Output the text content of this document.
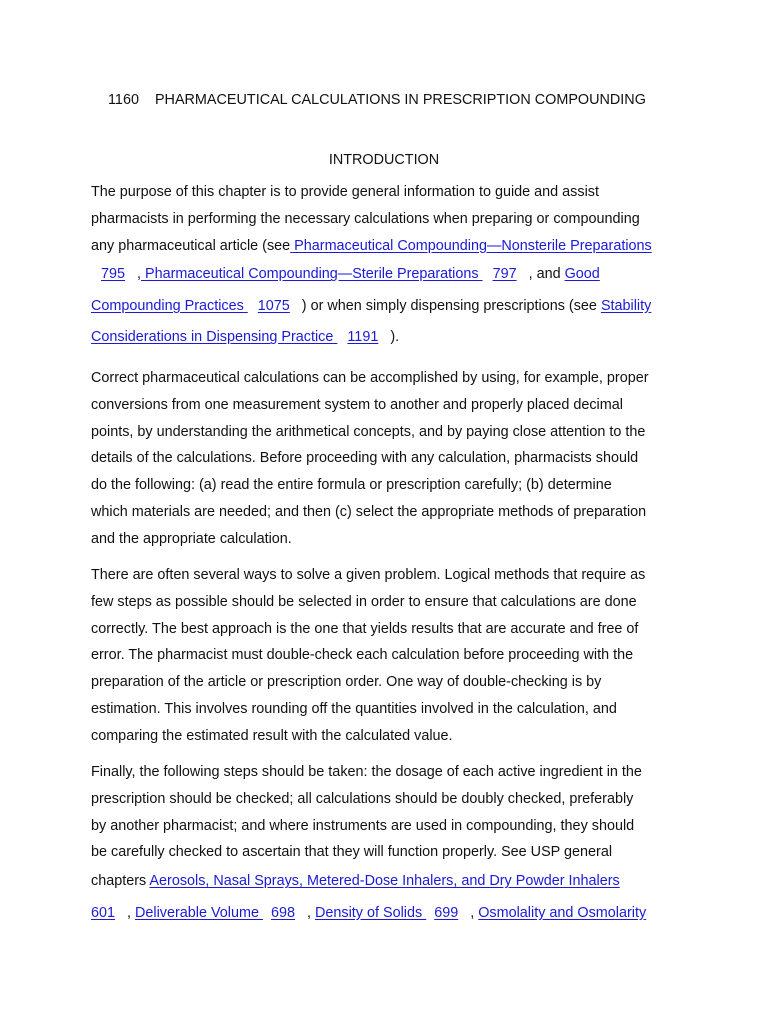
1160 PHARMACEUTICAL CALCULATIONS IN PRESCRIPTION COMPOUNDING
INTRODUCTION
The purpose of this chapter is to provide general information to guide and assist
pharmacists in performing the necessary calculations when preparing or compounding
any pharmaceutical article (see Pharmaceutical Compounding—Nonsterile Preparations
795 , Pharmaceutical Compounding—Sterile Preparations 797 , and Good
Compounding Practices 1075 ) or when simply dispensing prescriptions (see Stability
Considerations in Dispensing Practice 1191 ).
Correct pharmaceutical calculations can be accomplished by using, for example, proper
conversions from one measurement system to another and properly placed decimal
points, by understanding the arithmetical concepts, and by paying close attention to the
details of the calculations. Before proceeding with any calculation, pharmacists should
do the following: (a) read the entire formula or prescription carefully; (b) determine
which materials are needed; and then (c) select the appropriate methods of preparation
and the appropriate calculation.
There are often several ways to solve a given problem. Logical methods that require as
few steps as possible should be selected in order to ensure that calculations are done
correctly. The best approach is the one that yields results that are accurate and free of
error. The pharmacist must double-check each calculation before proceeding with the
preparation of the article or prescription order. One way of double-checking is by
estimation. This involves rounding off the quantities involved in the calculation, and
comparing the estimated result with the calculated value.
Finally, the following steps should be taken: the dosage of each active ingredient in the
prescription should be checked; all calculations should be doubly checked, preferably
by another pharmacist; and where instruments are used in compounding, they should
be carefully checked to ascertain that they will function properly. See USP general
chapters Aerosols, Nasal Sprays, Metered-Dose Inhalers, and Dry Powder Inhalers
601 , Deliverable Volume 698 , Density of Solids 699 , Osmolality and Osmolarity
